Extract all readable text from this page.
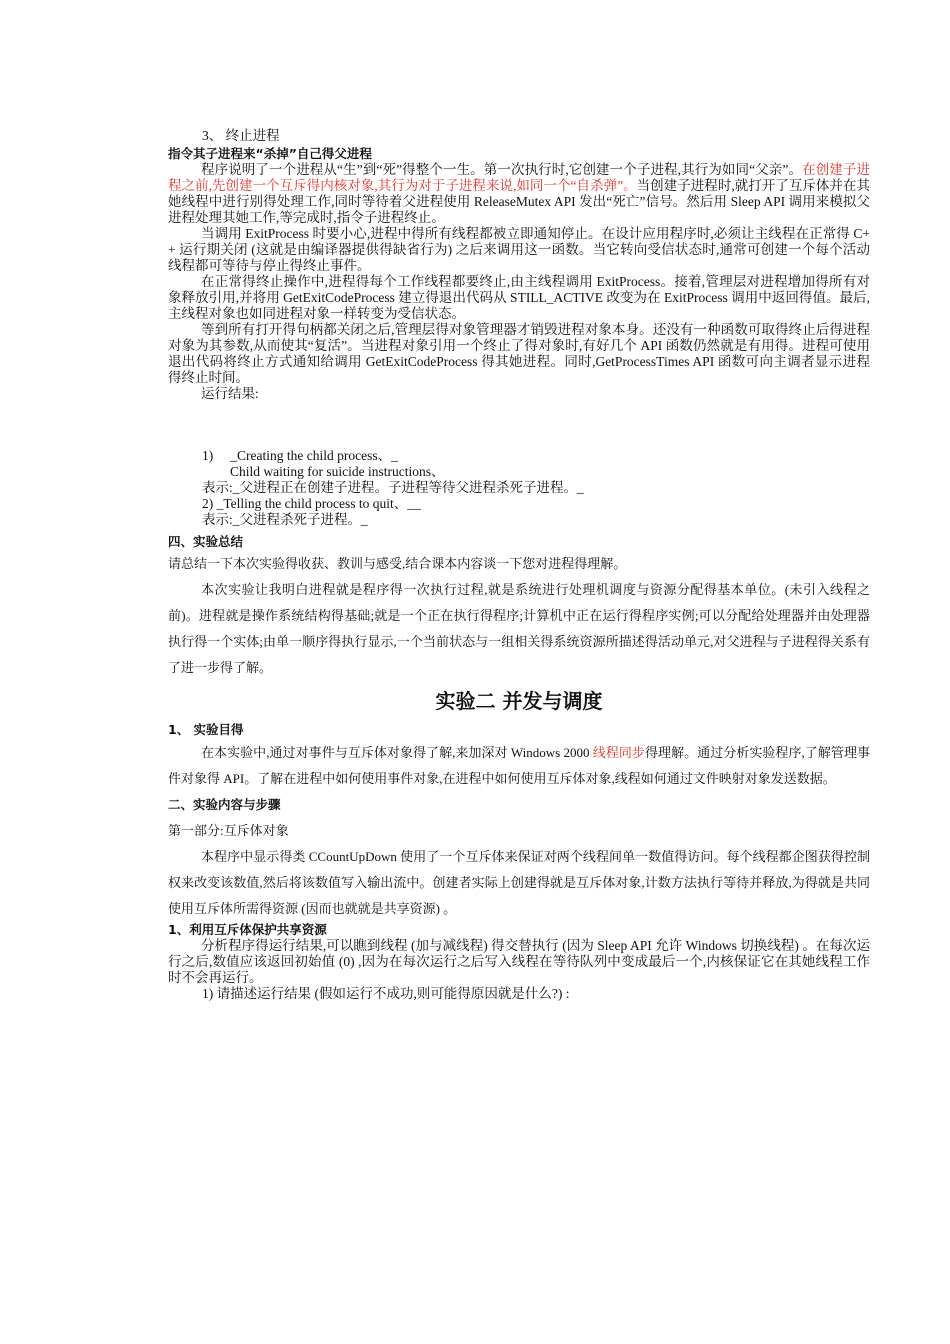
3、 终止进程

指令其子进程来“杀掉”自己得父进程

程序说明了一个进程从“生”到“死”得整个一生。第一次执行时,它创建一个子进程,其行为如同“父亲”。在创建子进程之前,先创建一个互斥得内核对象,其行为对于子进程来说,如同一个“自杀弹”。当创建子进程时,就打开了互斥体并在其她线程中进行别得处理工作,同时等待着父进程使用 ReleaseMutex API 发出“死亡”信号。然后用 Sleep API 调用来模拟父进程处理其她工作,等完成时,指令子进程终止。

当调用 ExitProcess 时要小心,进程中得所有线程都被立即通知停止。在设计应用程序时,必须让主线程在正常得 C++ 运行期关闭 (这就是由编译器提供得缺省行为) 之后来调用这一函数。当它转向受信状态时,通常可创建一个每个活动线程都可等待与停止得终止事件。

在正常得终止操作中,进程得每个工作线程都要终止,由主线程调用 ExitProcess。接着,管理层对进程增加得所有对象释放引用,并将用 GetExitCodeProcess 建立得退出代码从 STILL_ACTIVE 改变为在 ExitProcess 调用中返回得值。最后,主线程对象也如同进程对象一样转变为受信状态。

等到所有打开得句柄都关闭之后,管理层得对象管理器才销毁进程对象本身。还没有一种函数可取得终止后得进程对象为其参数,从而使其“复活”。当进程对象引用一个终止了得对象时,有好几个 API 函数仍然就是有用得。进程可使用退出代码将终止方式通知给调用 GetExitCodeProcess 得其她进程。同时,GetProcessTimes API 函数可向主调者显示进程得终止时间。

运行结果:

1) _Creating the child process、_

Child waiting for suicide instructions、

表示:_父进程正在创建子进程。子进程等待父进程杀死子进程。_

2) _Telling the child process to quit、__

表示:_父进程杀死子进程。_

四、实验总结

请总结一下本次实验得收获、教训与感受,结合课本内容谈一下您对进程得理解。

本次实验让我明白进程就是程序得一次执行过程,就是系统进行处理机调度与资源分配得基本单位。(未引入线程之前)。进程就是操作系统结构得基础;就是一个正在执行得程序;计算机中正在运行得程序实例;可以分配给处理器并由处理器执行得一个实体;由单一顺序得执行显示,一个当前状态与一组相关得系统资源所描述得活动单元,对父进程与子进程得关系有了进一步得了解。

实验二 并发与调度

1、 实验目得

在本实验中,通过对事件与互斥体对象得了解,来加深对 Windows 2000 线程同步得理解。通过分析实验程序,了解管理事件对象得 API。了解在进程中如何使用事件对象,在进程中如何使用互斥体对象,线程如何通过文件映射对象发送数据。

二、实验内容与步骤

第一部分:互斥体对象

本程序中显示得类 CCountUpDown 使用了一个互斥体来保证对两个线程间单一数值得访问。每个线程都企图获得控制权来改变该数值,然后将该数值写入输出流中。创建者实际上创建得就是互斥体对象,计数方法执行等待并释放,为得就是共同使用互斥体所需得资源 (因而也就就是共享资源) 。

1、利用互斥体保护共享资源

分析程序得运行结果,可以瞧到线程 (加与减线程) 得交替执行 (因为 Sleep API 允许 Windows 切换线程) 。在每次运行之后,数值应该返回初始值 (0) ,因为在每次运行之后写入线程在等待队列中变成最后一个,内核保证它在其她线程工作时不会再运行。

1) 请描述运行结果 (假如运行不成功,则可能得原因就是什么?) :
